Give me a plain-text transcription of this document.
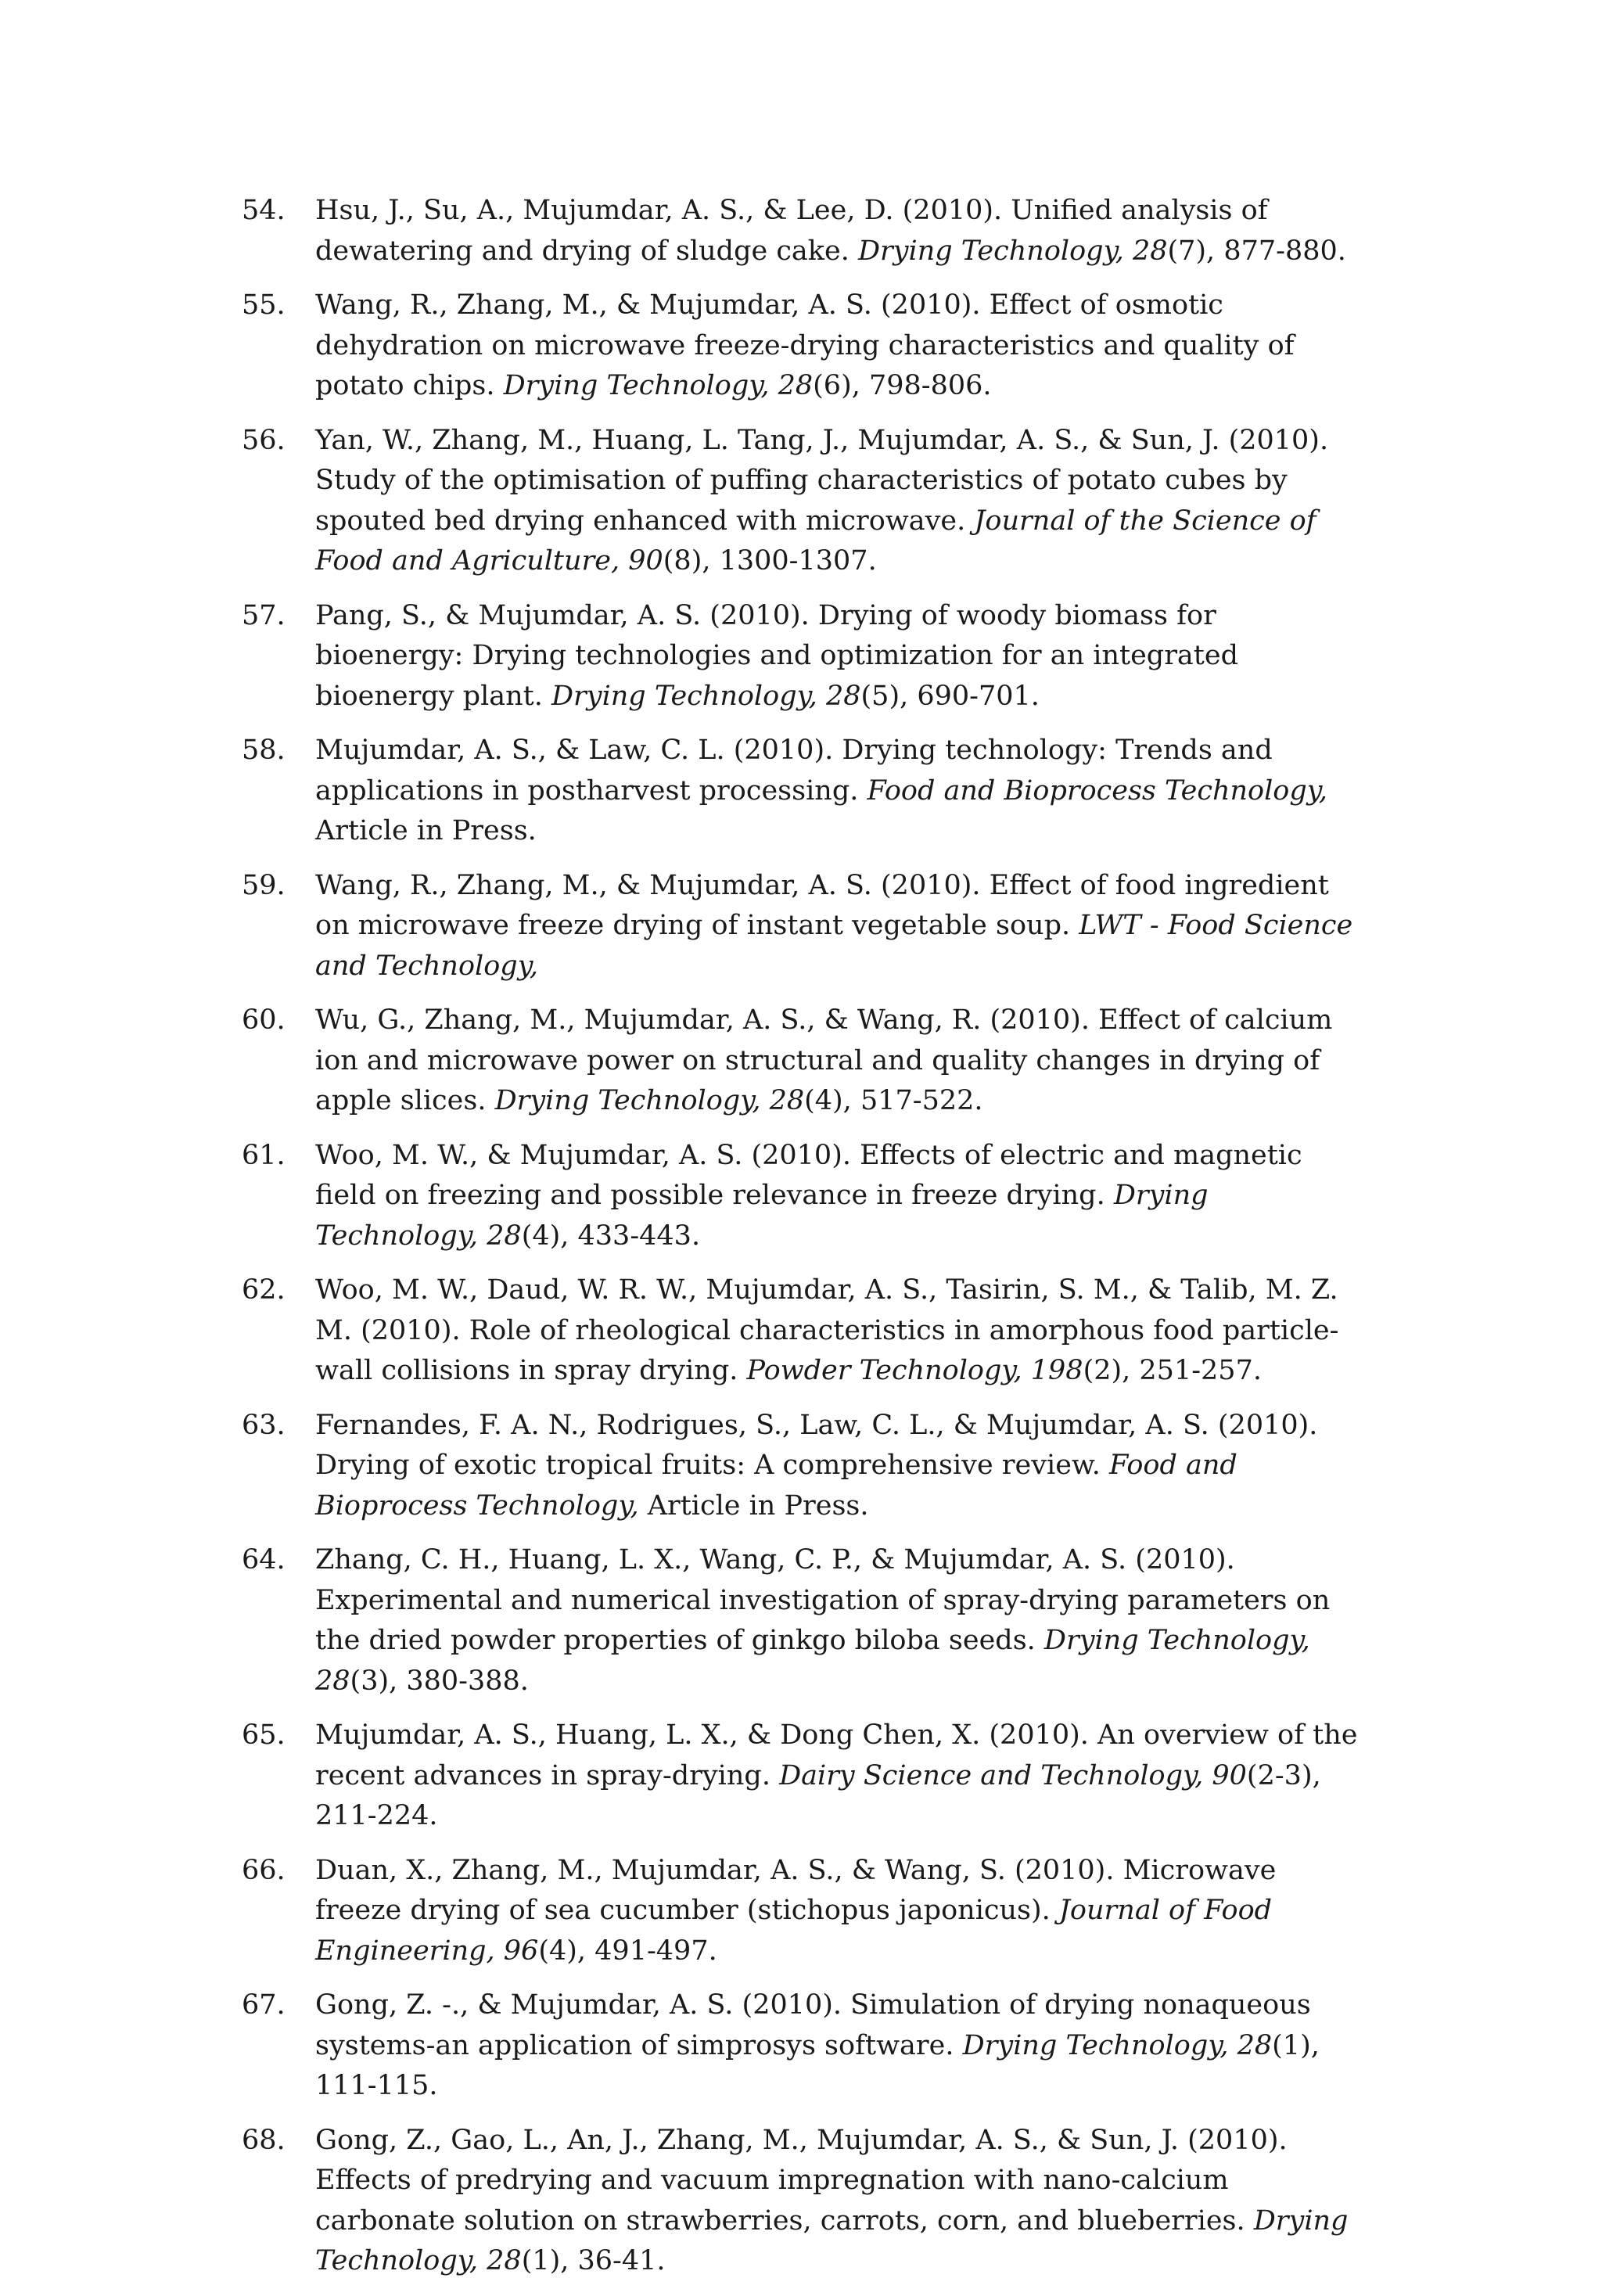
54.	Hsu, J., Su, A., Mujumdar, A. S., & Lee, D. (2010). Unified analysis of dewatering and drying of sludge cake. Drying Technology, 28(7), 877-880.
55.	Wang, R., Zhang, M., & Mujumdar, A. S. (2010). Effect of osmotic dehydration on microwave freeze-drying characteristics and quality of potato chips. Drying Technology, 28(6), 798-806.
56.	Yan, W., Zhang, M., Huang, L. Tang, J., Mujumdar, A. S., & Sun, J. (2010). Study of the optimisation of puffing characteristics of potato cubes by spouted bed drying enhanced with microwave. Journal of the Science of Food and Agriculture, 90(8), 1300-1307.
57.	Pang, S., & Mujumdar, A. S. (2010). Drying of woody biomass for bioenergy: Drying technologies and optimization for an integrated bioenergy plant. Drying Technology, 28(5), 690-701.
58.	Mujumdar, A. S., & Law, C. L. (2010). Drying technology: Trends and applications in postharvest processing. Food and Bioprocess Technology, Article in Press.
59.	Wang, R., Zhang, M., & Mujumdar, A. S. (2010). Effect of food ingredient on microwave freeze drying of instant vegetable soup. LWT - Food Science and Technology,
60.	Wu, G., Zhang, M., Mujumdar, A. S., & Wang, R. (2010). Effect of calcium ion and microwave power on structural and quality changes in drying of apple slices. Drying Technology, 28(4), 517-522.
61.	Woo, M. W., & Mujumdar, A. S. (2010). Effects of electric and magnetic field on freezing and possible relevance in freeze drying. Drying Technology, 28(4), 433-443.
62.	Woo, M. W., Daud, W. R. W., Mujumdar, A. S., Tasirin, S. M., & Talib, M. Z. M. (2010). Role of rheological characteristics in amorphous food particle-wall collisions in spray drying. Powder Technology, 198(2), 251-257.
63.	Fernandes, F. A. N., Rodrigues, S., Law, C. L., & Mujumdar, A. S. (2010). Drying of exotic tropical fruits: A comprehensive review. Food and Bioprocess Technology, Article in Press.
64.	Zhang, C. H., Huang, L. X., Wang, C. P., & Mujumdar, A. S. (2010). Experimental and numerical investigation of spray-drying parameters on the dried powder properties of ginkgo biloba seeds. Drying Technology, 28(3), 380-388.
65.	Mujumdar, A. S., Huang, L. X., & Dong Chen, X. (2010). An overview of the recent advances in spray-drying. Dairy Science and Technology, 90(2-3), 211-224.
66.	Duan, X., Zhang, M., Mujumdar, A. S., & Wang, S. (2010). Microwave freeze drying of sea cucumber (stichopus japonicus). Journal of Food Engineering, 96(4), 491-497.
67.	Gong, Z. -., & Mujumdar, A. S. (2010). Simulation of drying nonaqueous systems-an application of simprosys software. Drying Technology, 28(1), 111-115.
68.	Gong, Z., Gao, L., An, J., Zhang, M., Mujumdar, A. S., & Sun, J. (2010). Effects of predrying and vacuum impregnation with nano-calcium carbonate solution on strawberries, carrots, corn, and blueberries. Drying Technology, 28(1), 36-41.
